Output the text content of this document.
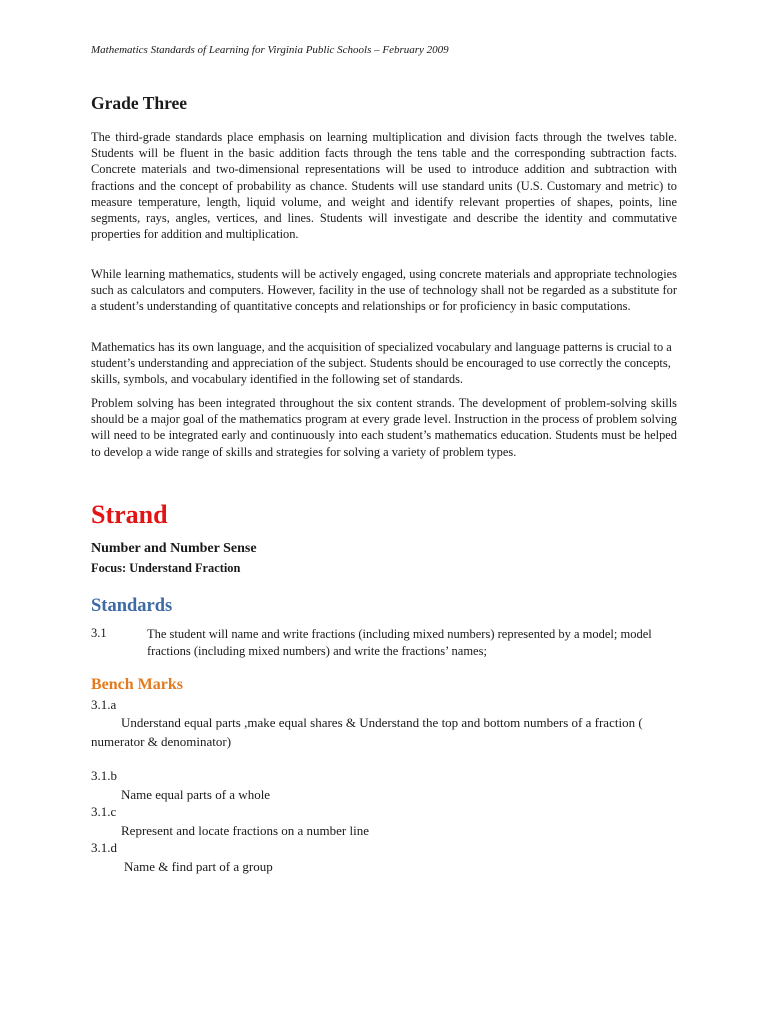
Mathematics Standards of Learning for Virginia Public Schools – February 2009
Grade Three

The third-grade standards place emphasis on learning multiplication and division facts through the twelves table. Students will be fluent in the basic addition facts through the tens table and the corresponding subtraction facts. Concrete materials and two-dimensional representations will be used to introduce addition and subtraction with fractions and the concept of probability as chance. Students will use standard units (U.S. Customary and metric) to measure temperature, length, liquid volume, and weight and identify relevant properties of shapes, points, line segments, rays, angles, vertices, and lines. Students will investigate and describe the identity and commutative properties for addition and multiplication.

While learning mathematics, students will be actively engaged, using concrete materials and appropriate technologies such as calculators and computers. However, facility in the use of technology shall not be regarded as a substitute for a student’s understanding of quantitative concepts and relationships or for proficiency in basic computations.

Mathematics has its own language, and the acquisition of specialized vocabulary and language patterns is crucial to a student’s understanding and appreciation of the subject. Students should be encouraged to use correctly the concepts, skills, symbols, and vocabulary identified in the following set of standards.

Problem solving has been integrated throughout the six content strands. The development of problem-solving skills should be a major goal of the mathematics program at every grade level. Instruction in the process of problem solving will need to be integrated early and continuously into each student’s mathematics education. Students must be helped to develop a wide range of skills and strategies for solving a variety of problem types.

Strand
Number and Number Sense
Focus: Understand Fraction
Standards
3.1	The student will name and write fractions (including mixed numbers) represented by a model; model fractions (including mixed numbers) and write the fractions’ names;
Bench Marks
3.1.a
Understand equal parts ,make equal shares & Understand the top and bottom numbers of a fraction ( numerator & denominator)
3.1.b
Name equal parts of a whole
3.1.c
Represent and locate fractions on a number line
3.1.d
Name & find part of a group
